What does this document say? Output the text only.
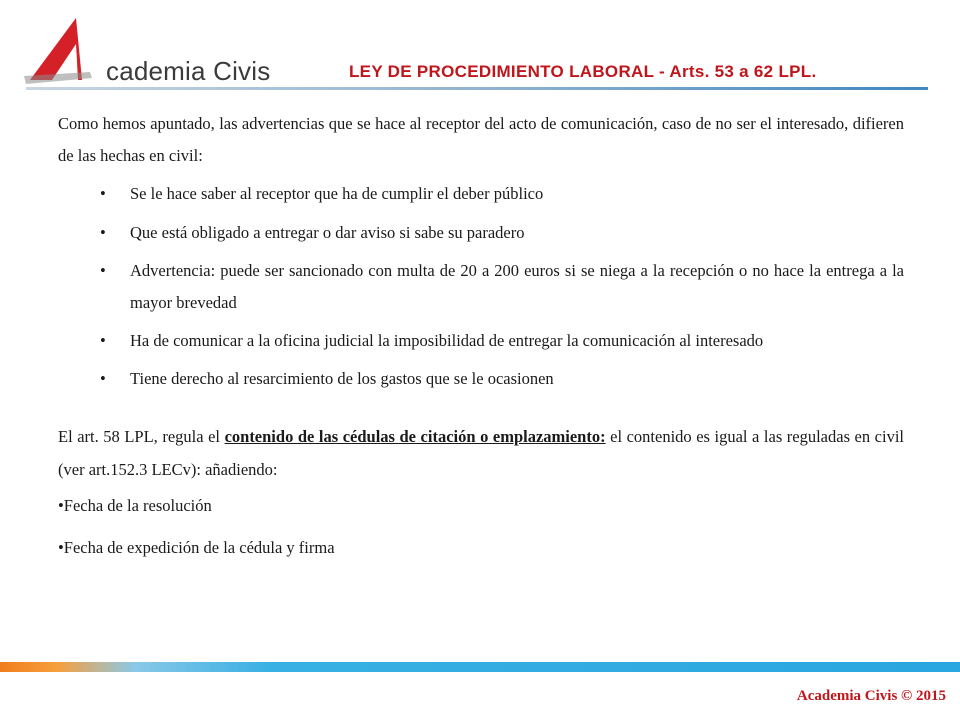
cademia Civis	LEY DE PROCEDIMIENTO LABORAL - Arts. 53 a 62 LPL.

Como hemos apuntado, las advertencias que se hace al receptor del acto de comunicación, caso de no ser el interesado, difieren de las hechas en civil:

• Se le hace saber al receptor que ha de cumplir el deber público
• Que está obligado a entregar o dar aviso si sabe su paradero
• Advertencia: puede ser sancionado con multa de 20 a 200 euros si se niega a la recepción o no hace la entrega a la mayor brevedad
• Ha de comunicar a la oficina judicial la imposibilidad de entregar la comunicación al interesado
• Tiene derecho al resarcimiento de los gastos que se le ocasionen

El art. 58 LPL, regula el contenido de las cédulas de citación o emplazamiento: el contenido es igual a las reguladas en civil (ver art.152.3 LECv): añadiendo:

•Fecha de la resolución
•Fecha de expedición de la cédula y firma
Academia Civis © 2015
